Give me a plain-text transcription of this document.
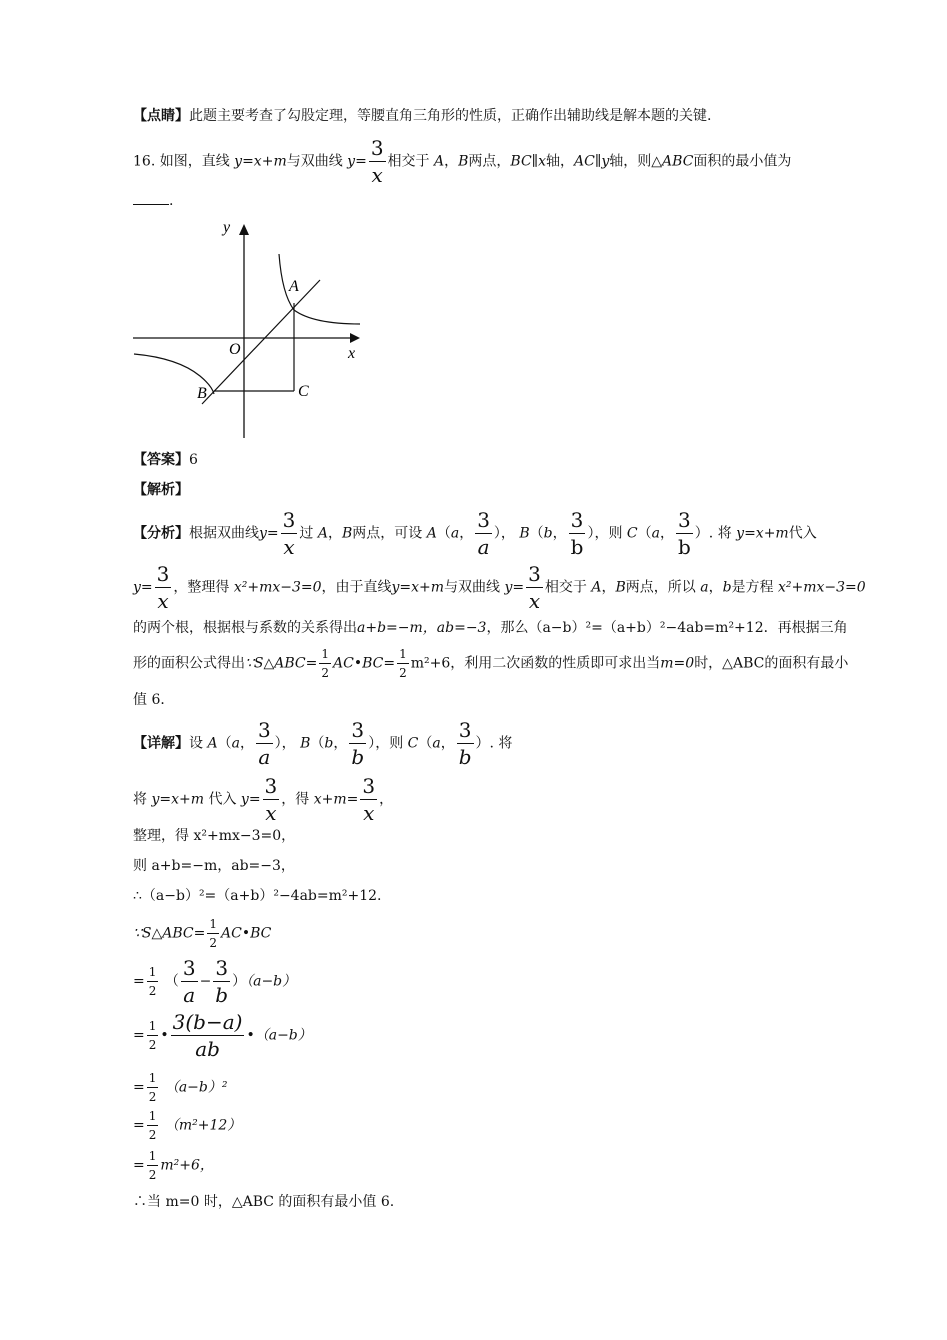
【点睛】此题主要考查了勾股定理，等腰直角三角形的性质，正确作出辅助线是解本题的关键.
16. 如图，直线 y=x+m与双曲线 $y= \frac{3}{x}$ 相交于 A，B两点，BC∥x轴，AC∥y轴，则△ABC面积的最小值为
.
y
x
O
A
B	C
【答案】6
【解析】
【分析】根据双曲线$y= \frac{3}{x}$ 过 A，B两点，可设 A（a， $\frac{3}{a}$ ）， B（b， $\frac{3}{b}$ ），则 C（a， $\frac{3}{b}$ ）. 将 y=x+m代入
$y= \frac{3}{x}$ ，整理得 x²+mx−3=0，由于直线y=x+m与双曲线 $y= \frac{3}{x}$ 相交于 A，B两点，所以 a，b是方程 x²+mx−3=0
的两个根，根据根与系数的关系得出a+b=−m，ab=−3，那么（a−b）²=（a+b）²−4ab=m²+12．再根据三角
形的面积公式得出∵S△ABC= $\frac{1}{2}$ AC•BC= $\frac{1}{2} m^2+6$，利用二次函数的性质即可求出当m=0时，△ABC的面积有最小
值 6．
【详解】设 A（a， $\frac{3}{a}$ ）， B（b， $\frac{3}{b}$ ），则 C（a， $\frac{3}{b}$ ）. 将
将 y=x+m 代入 $y= \frac{3}{x}$ ，得 $x+m= \frac{3}{x}$ ，
整理，得 x²+mx−3=0，
则 a+b=−m，ab=−3，
∴（a−b）²=（a+b）²−4ab=m²+12.
∵S△ABC= $\frac{1}{2}$ AC•BC
= $\frac{1}{2}$ （ $\frac{3}{a} - \frac{3}{b} )(a-b)$
= $\frac{1}{2}$ • $\frac{3(b-a)}{ab}$ •（a−b）
= $\frac{1}{2} (a-b)^2$
= $\frac{1}{2} (m^2+12)$
= $\frac{1}{2} m^2+6$，
∴当 m=0 时，△ABC 的面积有最小值 6.
